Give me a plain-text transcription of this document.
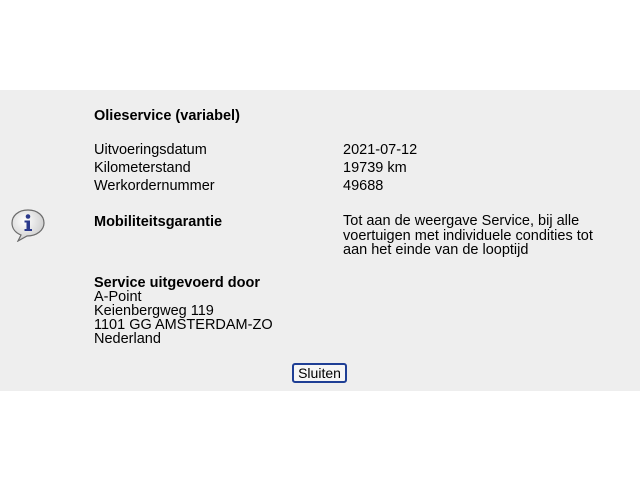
Olieservice (variabel)
Uitvoeringsdatum	2021-07-12
Kilometerstand	19739 km
Werkordernummer	49688
Mobiliteitsgarantie	Tot aan de weergave Service, bij alle voertuigen met individuele condities tot aan het einde van de looptijd
Service uitgevoerd door
A-Point
Keienbergweg 119
1101 GG AMSTERDAM-ZO
Nederland
Sluiten
